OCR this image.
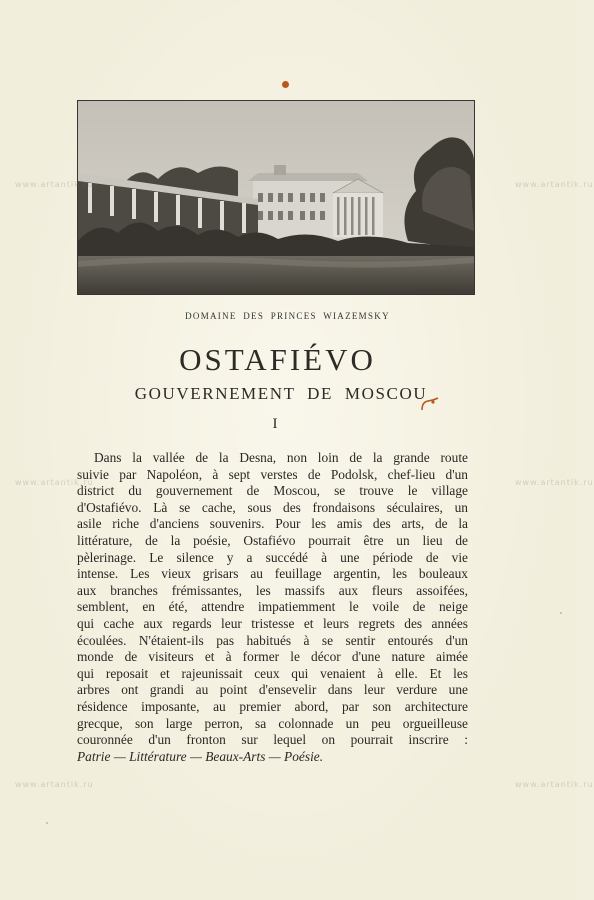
DOMAINE DES PRINCES WIAZEMSKY
OSTAFIÉVO
GOUVERNEMENT DE MOSCOU
I
Dans la vallée de la Desna, non loin de la grande route
suivie par Napoléon, à sept verstes de Podolsk, chef-lieu d'un
district du gouvernement de Moscou, se trouve le village
d'Ostafiévo. Là se cache, sous des frondaisons séculaires, un
asile riche d'anciens souvenirs. Pour les amis des arts, de la
littérature, de la poésie, Ostafiévo pourrait être un lieu de
pèlerinage. Le silence y a succédé à une période de vie
intense. Les vieux grisars au feuillage argentin, les bouleaux
aux branches frémissantes, les massifs aux fleurs assoifées,
semblent, en été, attendre impatiemment le voile de neige
qui cache aux regards leur tristesse et leurs regrets des années
écoulées. N'étaient-ils pas habitués à se sentir entourés d'un
monde de visiteurs et à former le décor d'une nature aimée
qui reposait et rajeunissait ceux qui venaient à elle. Et les
arbres ont grandi au point d'ensevelir dans leur verdure une
résidence imposante, au premier abord, par son architecture
grecque, son large perron, sa colonnade un peu orgueilleuse
couronnée d'un fronton sur lequel on pourrait inscrire :
Patrie — Littérature — Beaux-Arts — Poésie.
www.artantik.ru	www.artantik.ru
www.artantik.ru	www.artantik.ru
www.artantik.ru	www.artantik.ru
